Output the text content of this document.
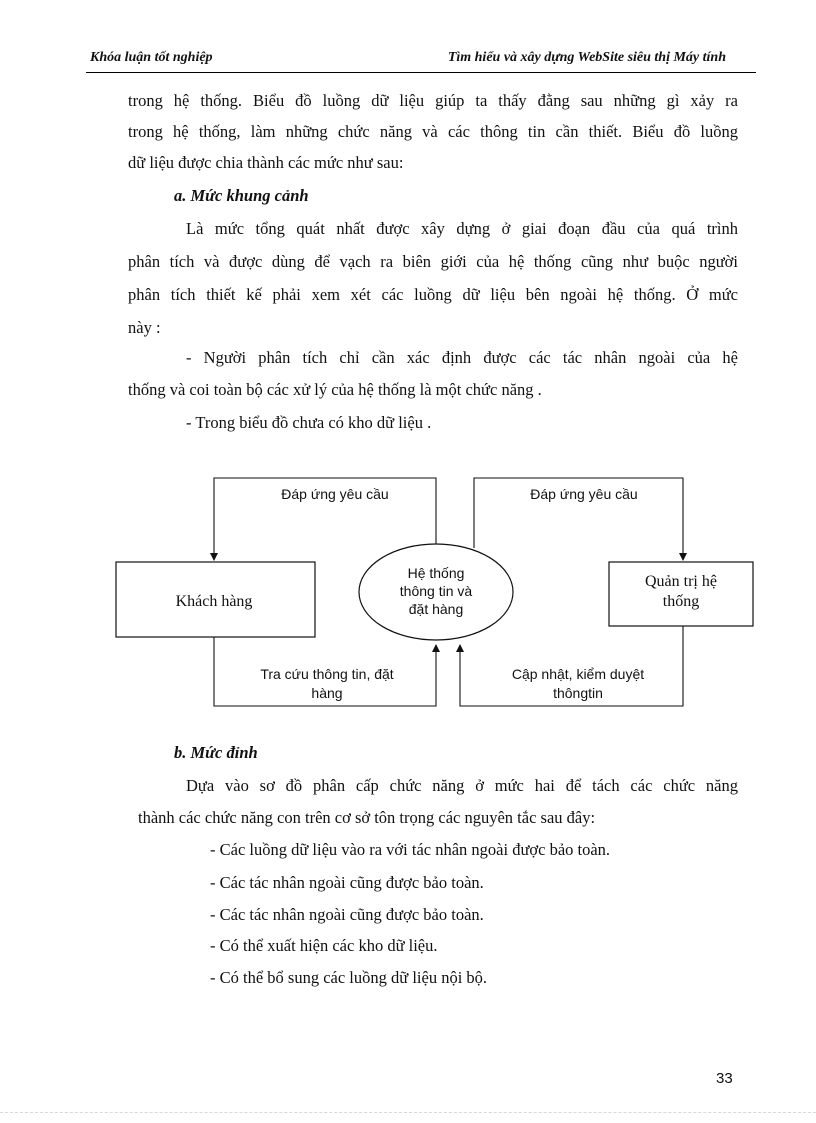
Khóa luận tốt nghiệp	Tìm hiểu và xây dựng WebSite siêu thị Máy tính
trong hệ thống. Biểu đồ luồng dữ liệu giúp ta thấy đằng sau những gì xảy ra
trong hệ thống, làm những chức năng và các thông tin cần thiết. Biểu đồ luồng
dữ liệu được chia thành các mức như sau:
a. Mức khung cảnh
Là mức tổng quát nhất được xây dựng ở giai đoạn đầu của quá trình
phân tích và được dùng để vạch ra biên giới của hệ thống cũng như buộc người
phân tích thiết kế phải xem xét các luồng dữ liệu bên ngoài hệ thống. Ở mức
này :
- Người phân tích chỉ cần xác định được các tác nhân ngoài của hệ
thống và coi toàn bộ các xử lý của hệ thống là một chức năng .
- Trong biểu đồ chưa có kho dữ liệu .
Khách hàng
Hệ thống
thông tin và
đặt hàng
Quản trị hệ
thống
Đáp ứng yêu cầu	Đáp ứng yêu cầu
Tra cứu thông tin, đặt
hàng
Cập nhật, kiểm duyệt
thôngtin
b. Mức đỉnh
Dựa vào sơ đồ phân cấp chức năng ở mức hai để tách các chức năng
thành các chức năng con trên cơ sở tôn trọng các nguyên tắc sau đây:
- Các luồng dữ liệu vào ra với tác nhân ngoài được bảo toàn.
- Các tác nhân ngoài cũng được bảo toàn.
- Các tác nhân ngoài cũng được bảo toàn.
- Có thể xuất hiện các kho dữ liệu.
- Có thể bổ sung các luồng dữ liệu nội bộ.
33
